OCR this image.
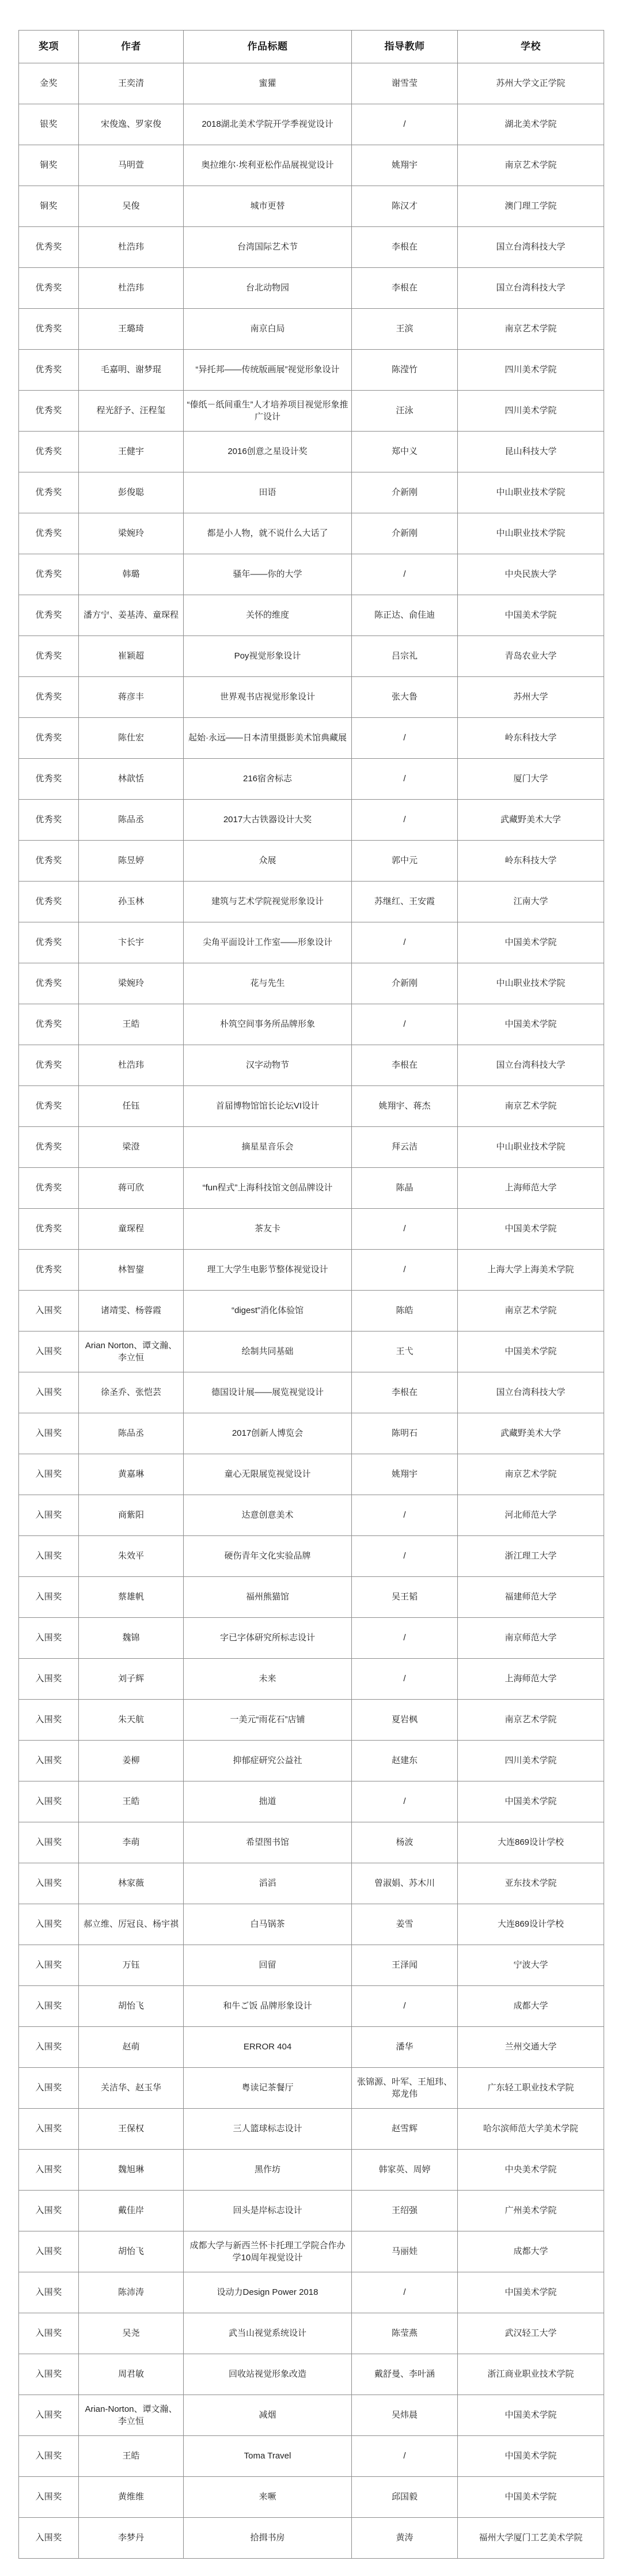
奖项	作者	作品标题	指导教师	学校
金奖	王奕清	蜜獾	谢雪莹	苏州大学文正学院
银奖	宋俊逸、罗家俊	2018湖北美术学院开学季视觉设计	/	湖北美术学院
铜奖	马明萱	奥拉维尔·埃利亚松作品展视觉设计	姚翔宇	南京艺术学院
铜奖	吴俊	城市更替	陈汉才	澳门理工学院
优秀奖	杜浩玮	台湾国际艺术节	李根在	国立台湾科技大学
优秀奖	杜浩玮	台北动物园	李根在	国立台湾科技大学
优秀奖	王璐琦	南京白局	王滨	南京艺术学院
优秀奖	毛嘉明、谢梦琨	“异托邦——传统版画展”视觉形象设计	陈滢竹	四川美术学院
优秀奖	程光舒予、汪程玺	“傣纸－纸间重生”人才培养项目视觉形象推广设计	汪泳	四川美术学院
优秀奖	王健宇	2016创意之星设计奖	郑中义	昆山科技大学
优秀奖	彭俊聪	田语	介新刚	中山职业技术学院
优秀奖	梁婉玲	都是小人物，就不说什么大话了	介新刚	中山职业技术学院
优秀奖	韩璐	骚年——你的大学	/	中央民族大学
优秀奖	潘方宁、姜基涛、童琛程	关怀的维度	陈正达、俞佳迪	中国美术学院
优秀奖	崔颖超	Poy视觉形象设计	吕宗礼	青岛农业大学
优秀奖	蒋彦丰	世界观书店视觉形象设计	张大鲁	苏州大学
优秀奖	陈仕宏	起始·永远——日本清里摄影美术馆典藏展	/	岭东科技大学
优秀奖	林歆恬	216宿舍标志	/	厦门大学
优秀奖	陈品丞	2017大古铁器设计大奖	/	武藏野美术大学
优秀奖	陈昱婷	众展	郭中元	岭东科技大学
优秀奖	孙玉林	建筑与艺术学院视觉形象设计	苏继红、王安霞	江南大学
优秀奖	卞长宇	尖角平面设计工作室——形象设计	/	中国美术学院
优秀奖	梁婉玲	花与先生	介新刚	中山职业技术学院
优秀奖	王皓	朴筑空间事务所品牌形象	/	中国美术学院
优秀奖	杜浩玮	汉字动物节	李根在	国立台湾科技大学
优秀奖	任钰	首届博物馆馆长论坛VI设计	姚翔宇、蒋杰	南京艺术学院
优秀奖	梁澄	摘星星音乐会	拜云洁	中山职业技术学院
优秀奖	蒋可欣	“fun程式”上海科技馆文创品牌设计	陈晶	上海师范大学
优秀奖	童琛程	茶友卡	/	中国美术学院
优秀奖	林智鋆	理工大学生电影节整体视觉设计	/	上海大学上海美术学院
入围奖	诸靖雯、杨蓉霞	“digest”消化体验馆	陈皓	南京艺术学院
入围奖	Arian Norton、谭文瀚、李立恒	绘制共同基础	王弋	中国美术学院
入围奖	徐圣乔、张恺芸	德国设计展——展览视觉设计	李根在	国立台湾科技大学
入围奖	陈品丞	2017创新人博览会	陈明石	武藏野美术大学
入围奖	黄嘉琳	童心无限展览视觉设计	姚翔宇	南京艺术学院
入围奖	商紫阳	达意创意美术	/	河北师范大学
入围奖	朱效平	硬伤青年文化实验品牌	/	浙江理工大学
入围奖	蔡雄帆	福州熊猫馆	吴王韬	福建师范大学
入围奖	魏锦	字已字体研究所标志设计	/	南京师范大学
入围奖	刘子辉	未来	/	上海师范大学
入围奖	朱天航	一美元“雨花石”店铺	夏岩枫	南京艺术学院
入围奖	姜柳	抑郁症研究公益社	赵建东	四川美术学院
入围奖	王皓	拙道	/	中国美术学院
入围奖	李萌	希望图书馆	杨波	大连869设计学校
入围奖	林家薇	滔滔	曾淑娟、苏木川	亚东技术学院
入围奖	郝立维、厉冠良、杨宇祺	白马锅茶	姜雪	大连869设计学校
入围奖	万钰	回留	王泽闻	宁波大学
入围奖	胡怡飞	和牛ご饭 品牌形象设计	/	成都大学
入围奖	赵萌	ERROR 404	潘华	兰州交通大学
入围奖	关洁华、赵玉华	粤读记茶餐厅	张锦源、叶军、王旭玮、郑龙伟	广东轻工职业技术学院
入围奖	王保权	三人篮球标志设计	赵雪辉	哈尔滨师范大学美术学院
入围奖	魏旭琳	黑作坊	韩家英、周婷	中央美术学院
入围奖	戴佳岸	回头是岸标志设计	王绍强	广州美术学院
入围奖	胡怡飞	成都大学与新西兰怀卡托理工学院合作办学10周年视觉设计	马丽娃	成都大学
入围奖	陈沛涛	设动力Design Power 2018	/	中国美术学院
入围奖	吴尧	武当山视觉系统设计	陈莹燕	武汉轻工大学
入围奖	周君敏	回收站视觉形象改造	戴舒曼、李叶涵	浙江商业职业技术学院
入围奖	Arian-Norton、谭文瀚、李立恒	减烟	吴炜晨	中国美术学院
入围奖	王皓	Toma Travel	/	中国美术学院
入围奖	黄维维	来噘	邱国毅	中国美术学院
入围奖	李梦丹	拾揖书房	黄涛	福州大学厦门工艺美术学院
